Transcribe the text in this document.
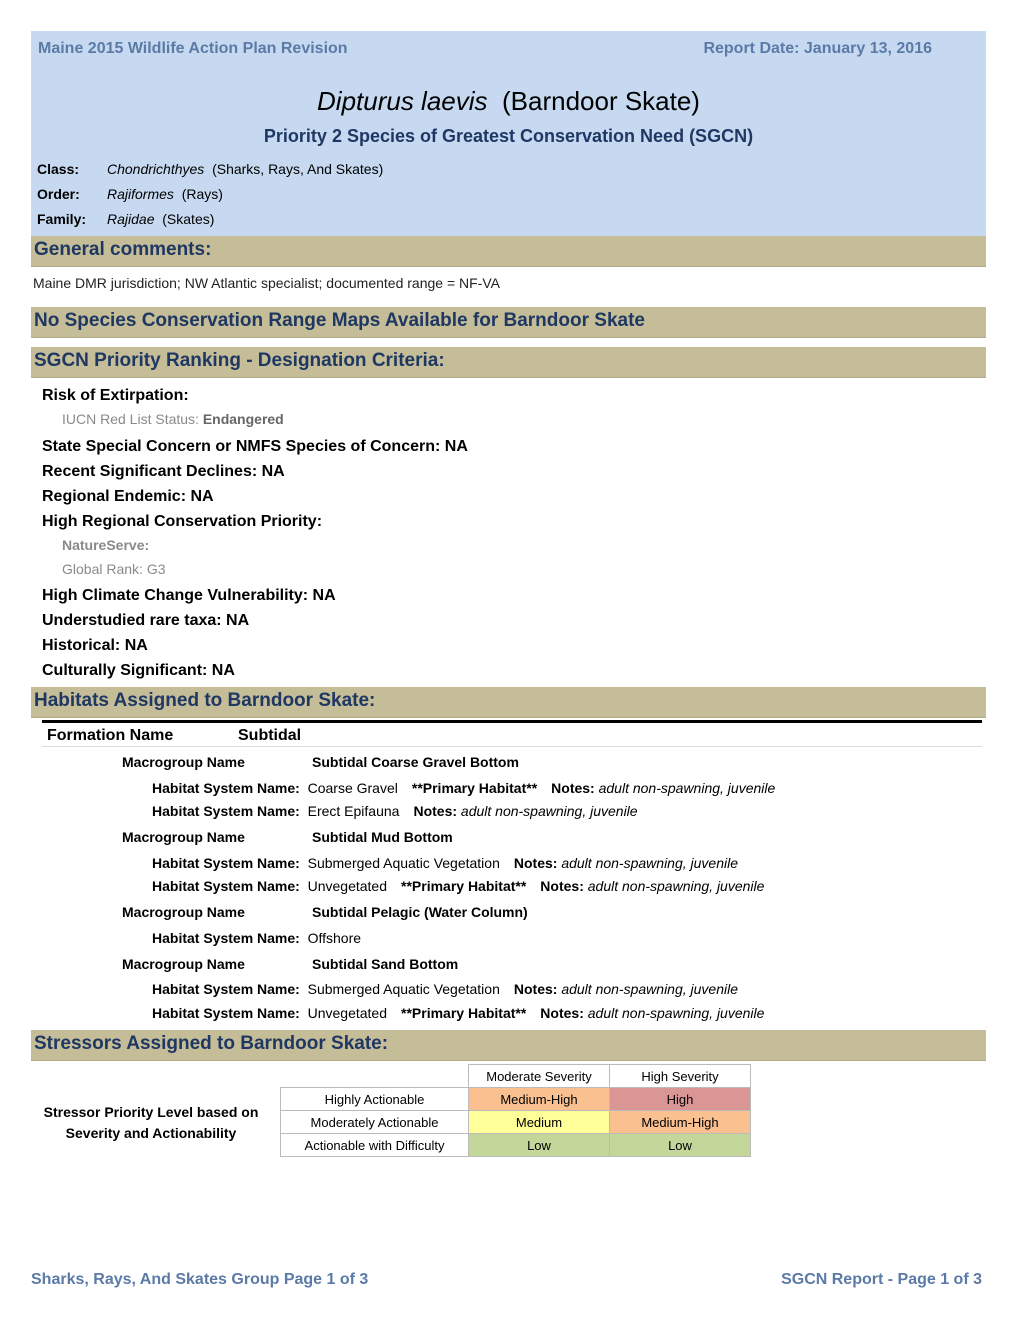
Maine 2015 Wildlife Action Plan Revision	Report Date: January 13, 2016
Dipturus laevis (Barndoor Skate)
Priority 2 Species of Greatest Conservation Need (SGCN)
Class: Chondrichthyes (Sharks, Rays, And Skates)
Order: Rajiformes (Rays)
Family: Rajidae (Skates)
General comments:
Maine DMR jurisdiction; NW Atlantic specialist; documented range = NF-VA
No Species Conservation Range Maps Available for Barndoor Skate
SGCN Priority Ranking - Designation Criteria:
Risk of Extirpation:
IUCN Red List Status: Endangered
State Special Concern or NMFS Species of Concern: NA
Recent Significant Declines: NA
Regional Endemic: NA
High Regional Conservation Priority:
NatureServe:
Global Rank: G3
High Climate Change Vulnerability: NA
Understudied rare taxa: NA
Historical: NA
Culturally Significant: NA
Habitats Assigned to Barndoor Skate:
Formation Name	Subtidal
Macrogroup Name	Subtidal Coarse Gravel Bottom
Habitat System Name: Coarse Gravel **Primary Habitat** Notes: adult non-spawning, juvenile
Habitat System Name: Erect Epifauna Notes: adult non-spawning, juvenile
Macrogroup Name	Subtidal Mud Bottom
Habitat System Name: Submerged Aquatic Vegetation Notes: adult non-spawning, juvenile
Habitat System Name: Unvegetated **Primary Habitat** Notes: adult non-spawning, juvenile
Macrogroup Name	Subtidal Pelagic (Water Column)
Habitat System Name: Offshore
Macrogroup Name	Subtidal Sand Bottom
Habitat System Name: Submerged Aquatic Vegetation Notes: adult non-spawning, juvenile
Habitat System Name: Unvegetated **Primary Habitat** Notes: adult non-spawning, juvenile
Stressors Assigned to Barndoor Skate:
Stressor Priority Level based on
Severity and Actionability
	Moderate Severity	High Severity
Highly Actionable	Medium-High	High
Moderately Actionable	Medium	Medium-High
Actionable with Difficulty	Low	Low
Sharks, Rays, And Skates Group Page 1 of 3	SGCN Report - Page 1 of 3
